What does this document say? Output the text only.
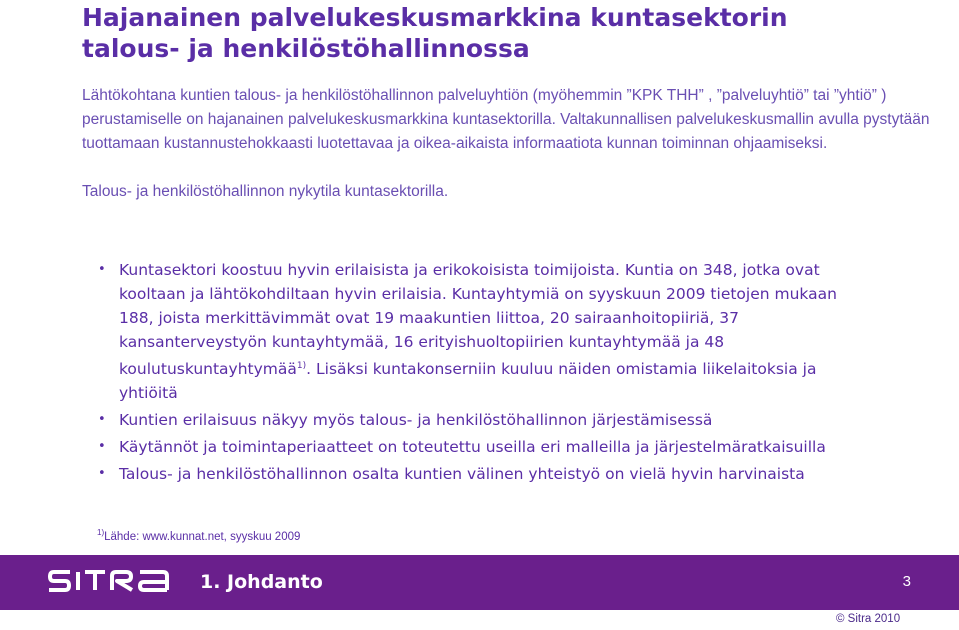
Hajanainen palvelukeskusmarkkina kuntasektorin
talous- ja henkilöstöhallinnossa

Lähtökohtana kuntien talous- ja henkilöstöhallinnon palveluyhtiön (myöhemmin ”KPK THH” , ”palveluyhtiö” tai ”yhtiö” ) perustamiselle on hajanainen palvelukeskusmarkkina kuntasektorilla. Valtakunnallisen palvelukeskusmallin avulla pystytään tuottamaan kustannustehokkaasti luotettavaa ja oikea-aikaista informaatiota kunnan toiminnan ohjaamiseksi.

Talous- ja henkilöstöhallinnon nykytila kuntasektorilla.

• Kuntasektori koostuu hyvin erilaisista ja erikokoisista toimijoista. Kuntia on 348, jotka ovat kooltaan ja lähtökohdiltaan hyvin erilaisia. Kuntayhtymiä on syyskuun 2009 tietojen mukaan 188, joista merkittävimmät ovat 19 maakuntien liittoa, 20 sairaanhoitopiiriä, 37 kansanterveystyön kuntayhtymää, 16 erityishuoltopiirien kuntayhtymää ja 48 koulutuskuntayhtymää$^{1)}$. Lisäksi kuntakonserniin kuuluu näiden omistamia liikelaitoksia ja yhtiöitä
• Kuntien erilaisuus näkyy myös talous- ja henkilöstöhallinnon järjestämisessä
• Käytännöt ja toimintaperiaatteet on toteutettu useilla eri malleilla ja järjestelmäratkaisuilla
• Talous- ja henkilöstöhallinnon osalta kuntien välinen yhteistyö on vielä hyvin harvinaista
$^{1)}$Lähde: www.kunnat.net, syyskuu 2009
1. Johdanto	3
© Sitra 2010
